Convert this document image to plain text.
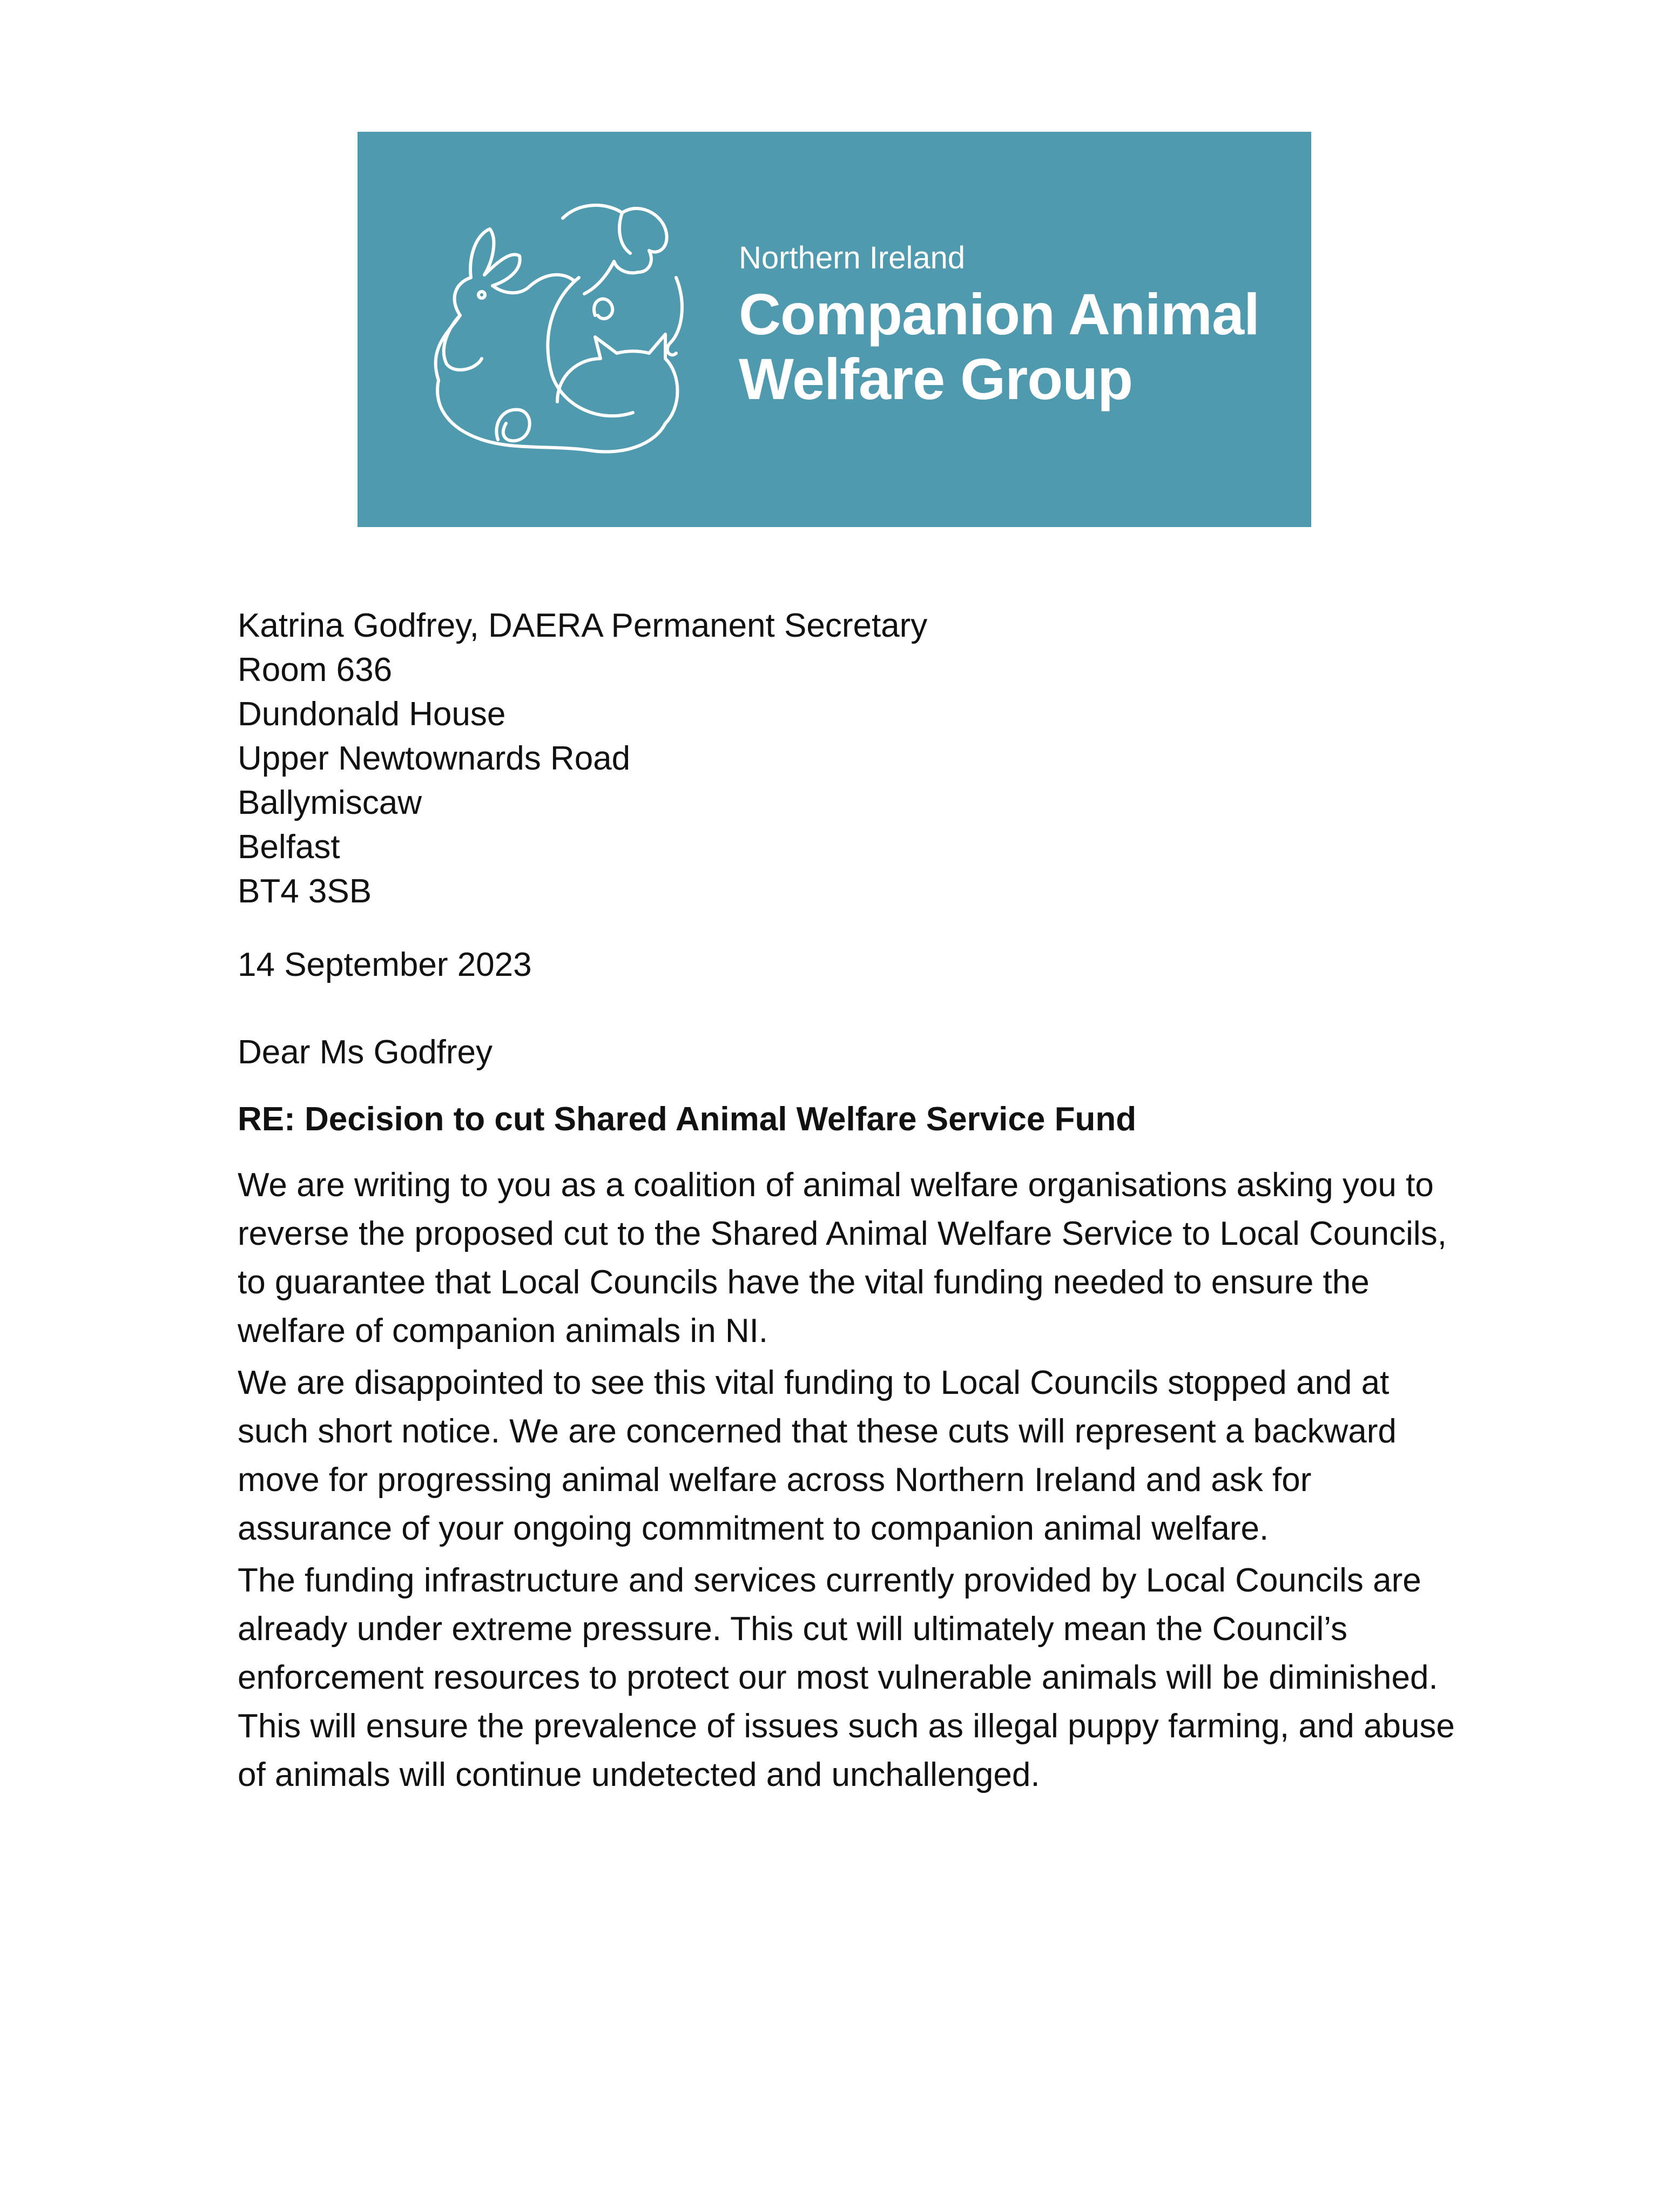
Northern Ireland
Companion Animal
Welfare Group
Katrina Godfrey, DAERA Permanent Secretary
Room 636
Dundonald House
Upper Newtownards Road
Ballymiscaw
Belfast
BT4 3SB
14 September 2023
Dear Ms Godfrey
RE: Decision to cut Shared Animal Welfare Service Fund

We are writing to you as a coalition of animal welfare organisations asking you to reverse the proposed cut to the Shared Animal Welfare Service to Local Councils, to guarantee that Local Councils have the vital funding needed to ensure the welfare of companion animals in NI.

We are disappointed to see this vital funding to Local Councils stopped and at such short notice. We are concerned that these cuts will represent a backward move for progressing animal welfare across Northern Ireland and ask for assurance of your ongoing commitment to companion animal welfare.

The funding infrastructure and services currently provided by Local Councils are already under extreme pressure. This cut will ultimately mean the Council’s enforcement resources to protect our most vulnerable animals will be diminished. This will ensure the prevalence of issues such as illegal puppy farming, and abuse of animals will continue undetected and unchallenged.
